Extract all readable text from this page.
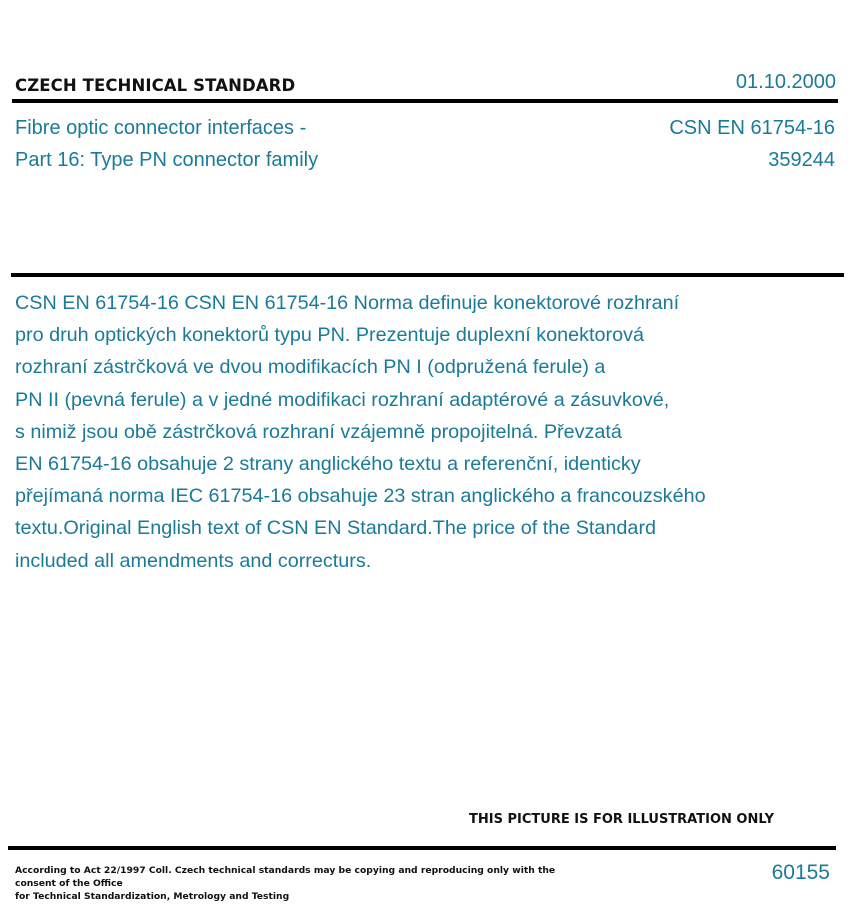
CZECH TECHNICAL STANDARD	01.10.2000
Fibre optic connector interfaces -
Part 16: Type PN connector family
CSN EN 61754-16
359244
CSN EN 61754-16 CSN EN 61754-16 Norma definuje konektorové rozhraní
pro druh optických konektorů typu PN. Prezentuje duplexní konektorová
rozhraní zástrčková ve dvou modifikacích PN I (odpružená ferule) a
PN II (pevná ferule) a v jedné modifikaci rozhraní adaptérové a zásuvkové,
s nimiž jsou obě zástrčková rozhraní vzájemně propojitelná. Převzatá
EN 61754-16 obsahuje 2 strany anglického textu a referenční, identicky
přejímaná norma IEC 61754-16 obsahuje 23 stran anglického a francouzského
textu.Original English text of CSN EN Standard.The price of the Standard
included all amendments and correcturs.
THIS PICTURE IS FOR ILLUSTRATION ONLY
According to Act 22/1997 Coll. Czech technical standards may be copying and reproducing only with the consent of the Office
for Technical Standardization, Metrology and Testing
60155
